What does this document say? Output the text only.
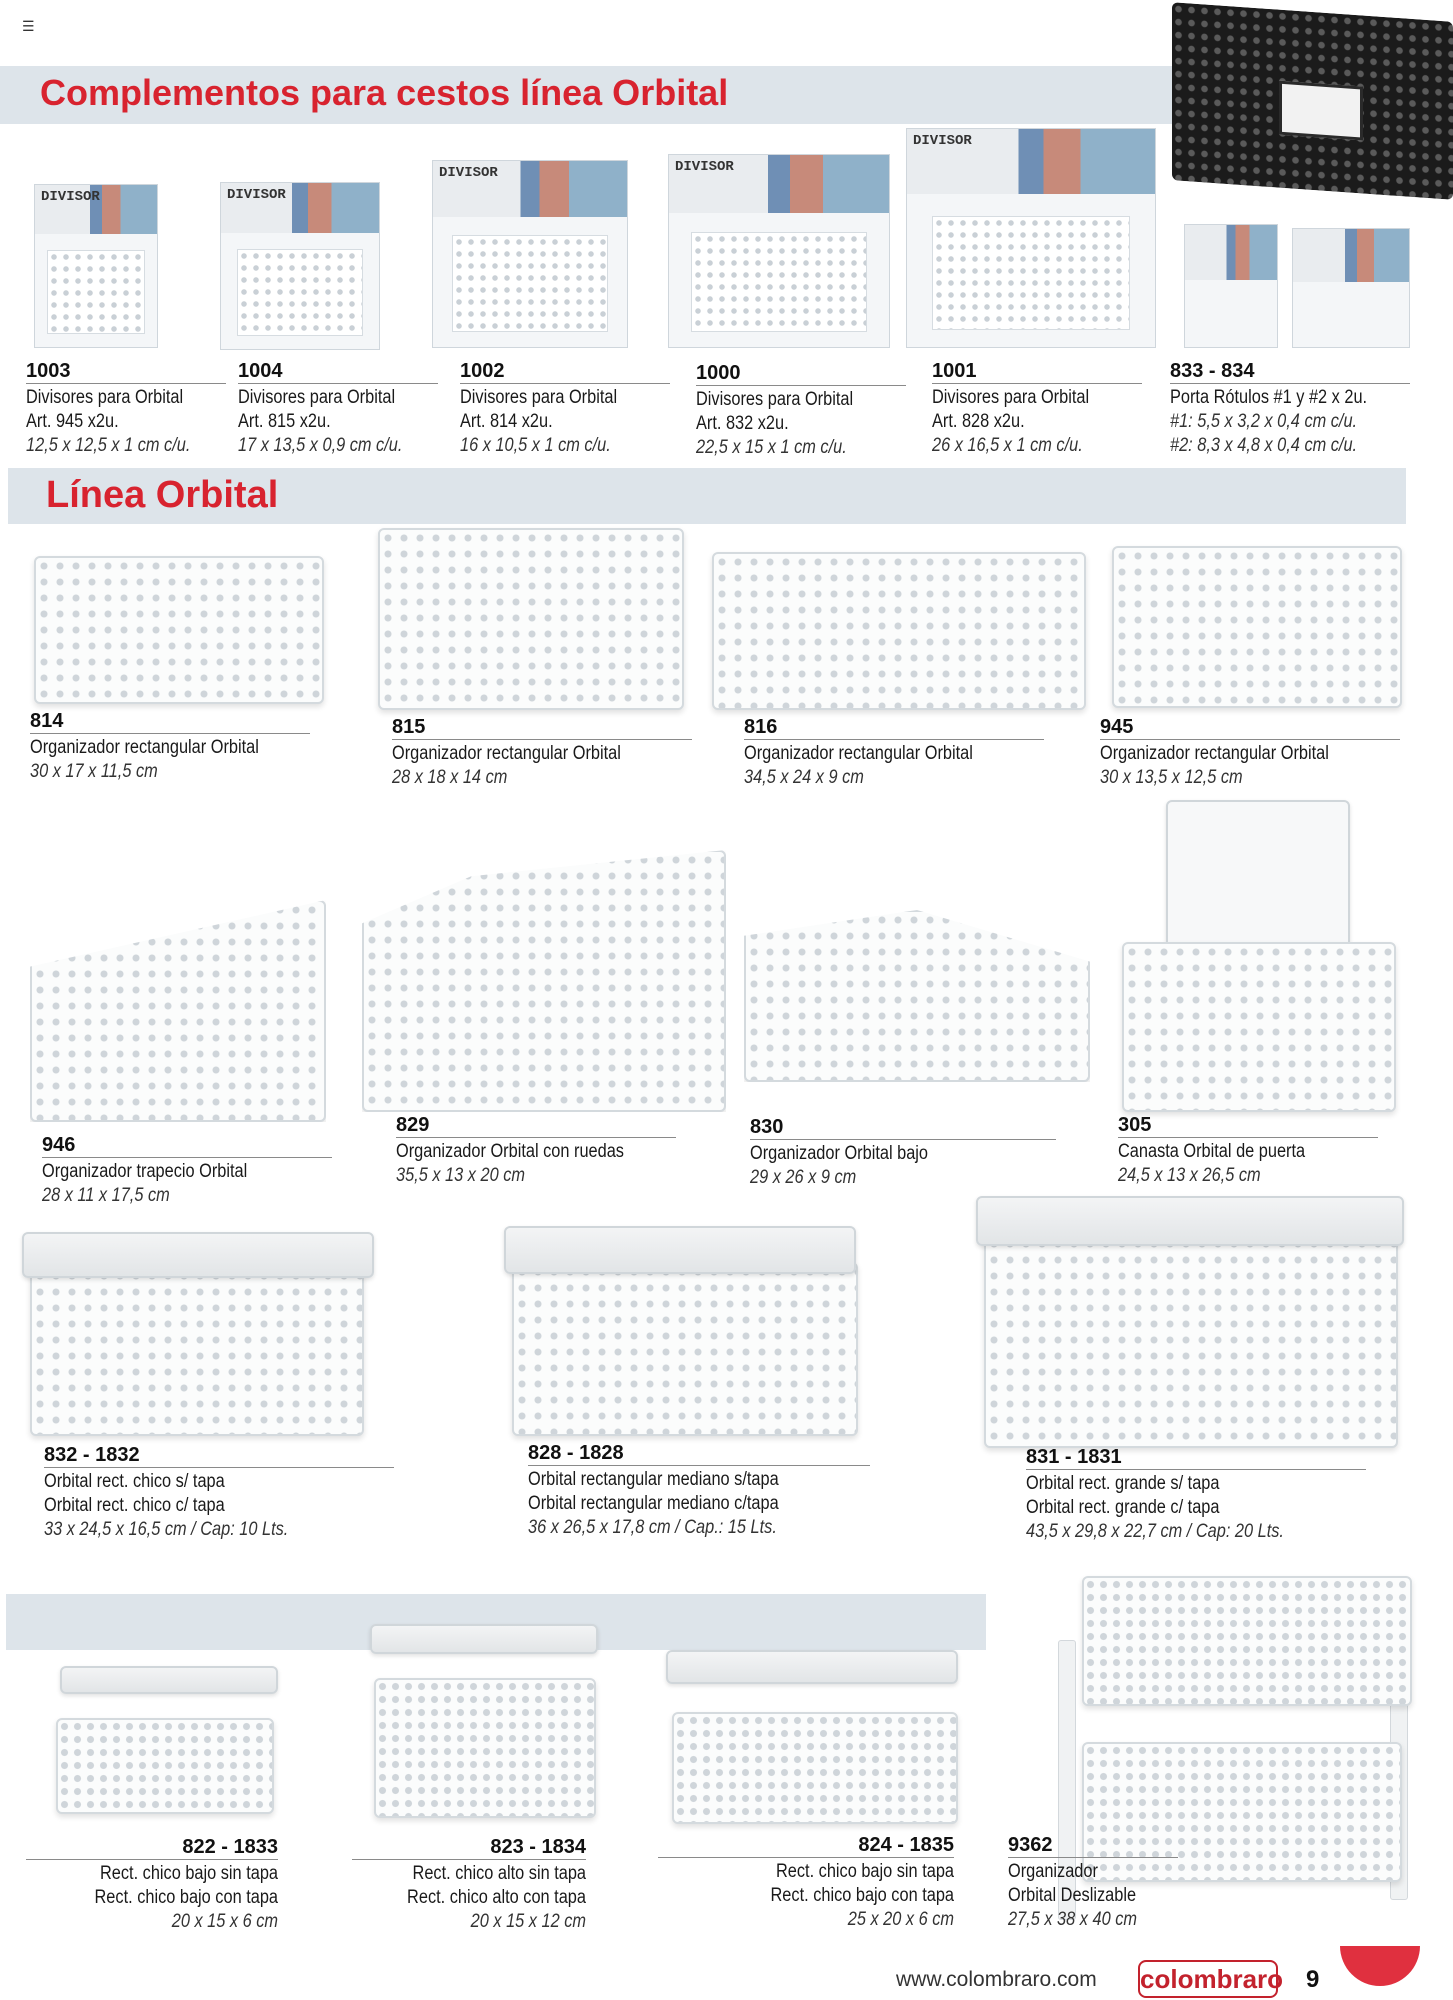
☰
Complementos para cestos línea Orbital
DIVISOR	DIVISOR
DIVISOR	DIVISOR
DIVISOR
1003
Divisores para Orbital
Art. 945 x2u.
12,5 x 12,5 x 1 cm c/u.
1004
Divisores para Orbital
Art. 815 x2u.
17 x 13,5 x 0,9 cm c/u.
1002
Divisores para Orbital
Art. 814 x2u.
16 x 10,5 x 1 cm c/u.
1000
Divisores para Orbital
Art. 832 x2u.
22,5 x 15 x 1 cm c/u.
1001
Divisores para Orbital
Art. 828 x2u.
26 x 16,5 x 1 cm c/u.
833 - 834
Porta Rótulos #1 y #2 x 2u.
#1: 5,5 x 3,2 x 0,4 cm c/u.
#2: 8,3 x 4,8 x 0,4 cm c/u.
Línea Orbital
814
Organizador rectangular Orbital
30 x 17 x 11,5 cm
815
Organizador rectangular Orbital
28 x 18 x 14 cm
816
Organizador rectangular Orbital
34,5 x 24 x 9 cm
945
Organizador rectangular Orbital
30 x 13,5 x 12,5 cm
946
Organizador trapecio Orbital
28 x 11 x 17,5 cm
829
Organizador Orbital con ruedas
35,5 x 13 x 20 cm
830
Organizador Orbital bajo
29 x 26 x 9 cm
305
Canasta Orbital de puerta
24,5 x 13 x 26,5 cm
832 - 1832
Orbital rect. chico s/ tapa
Orbital rect. chico c/ tapa
33 x 24,5 x 16,5 cm / Cap: 10 Lts.
828 - 1828
Orbital rectangular mediano s/tapa
Orbital rectangular mediano c/tapa
36 x 26,5 x 17,8 cm / Cap.: 15 Lts.
831 - 1831
Orbital rect. grande s/ tapa
Orbital rect. grande c/ tapa
43,5 x 29,8 x 22,7 cm / Cap: 20 Lts.
822 - 1833
Rect. chico bajo sin tapa
Rect. chico bajo con tapa
20 x 15 x 6 cm
823 - 1834
Rect. chico alto sin tapa
Rect. chico alto con tapa
20 x 15 x 12 cm
824 - 1835
Rect. chico bajo sin tapa
Rect. chico bajo con tapa
25 x 20 x 6 cm
9362
Organizador
Orbital Deslizable
27,5 x 38 x 40 cm
www.colombraro.com colombraro 9
